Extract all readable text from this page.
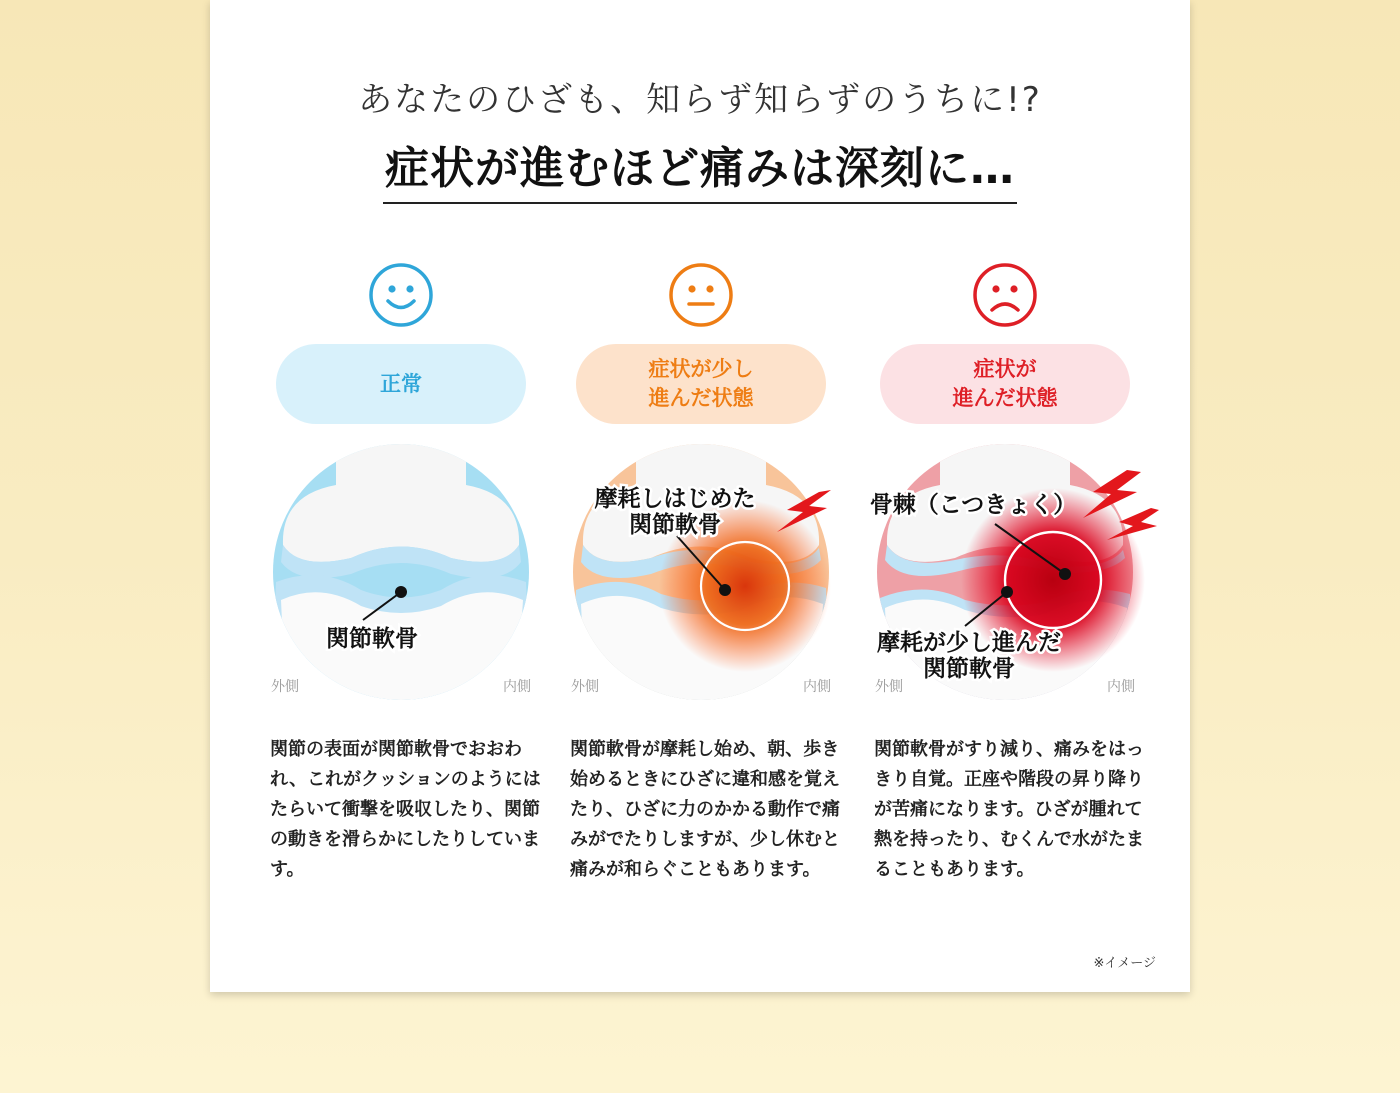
あなたのひざも、知らず知らずのうちに!?
症状が進むほど痛みは深刻に…
正常
関節軟骨
外側	内側
関節の表面が関節軟骨でおおわれ、これがクッションのようにはたらいて衝撃を吸収したり、関節の動きを滑らかにしたりしています。
症状が少し
進んだ状態
摩耗しはじめた
関節軟骨
外側	内側
関節軟骨が摩耗し始め、朝、歩き始めるときにひざに違和感を覚えたり、ひざに力のかかる動作で痛みがでたりしますが、少し休むと痛みが和らぐこともあります。
症状が
進んだ状態
骨棘（こつきょく）
摩耗が少し進んだ
関節軟骨
外側	内側
関節軟骨がすり減り、痛みをはっきり自覚。正座や階段の昇り降りが苦痛になります。ひざが腫れて熱を持ったり、むくんで水がたまることもあります。
※イメージ
